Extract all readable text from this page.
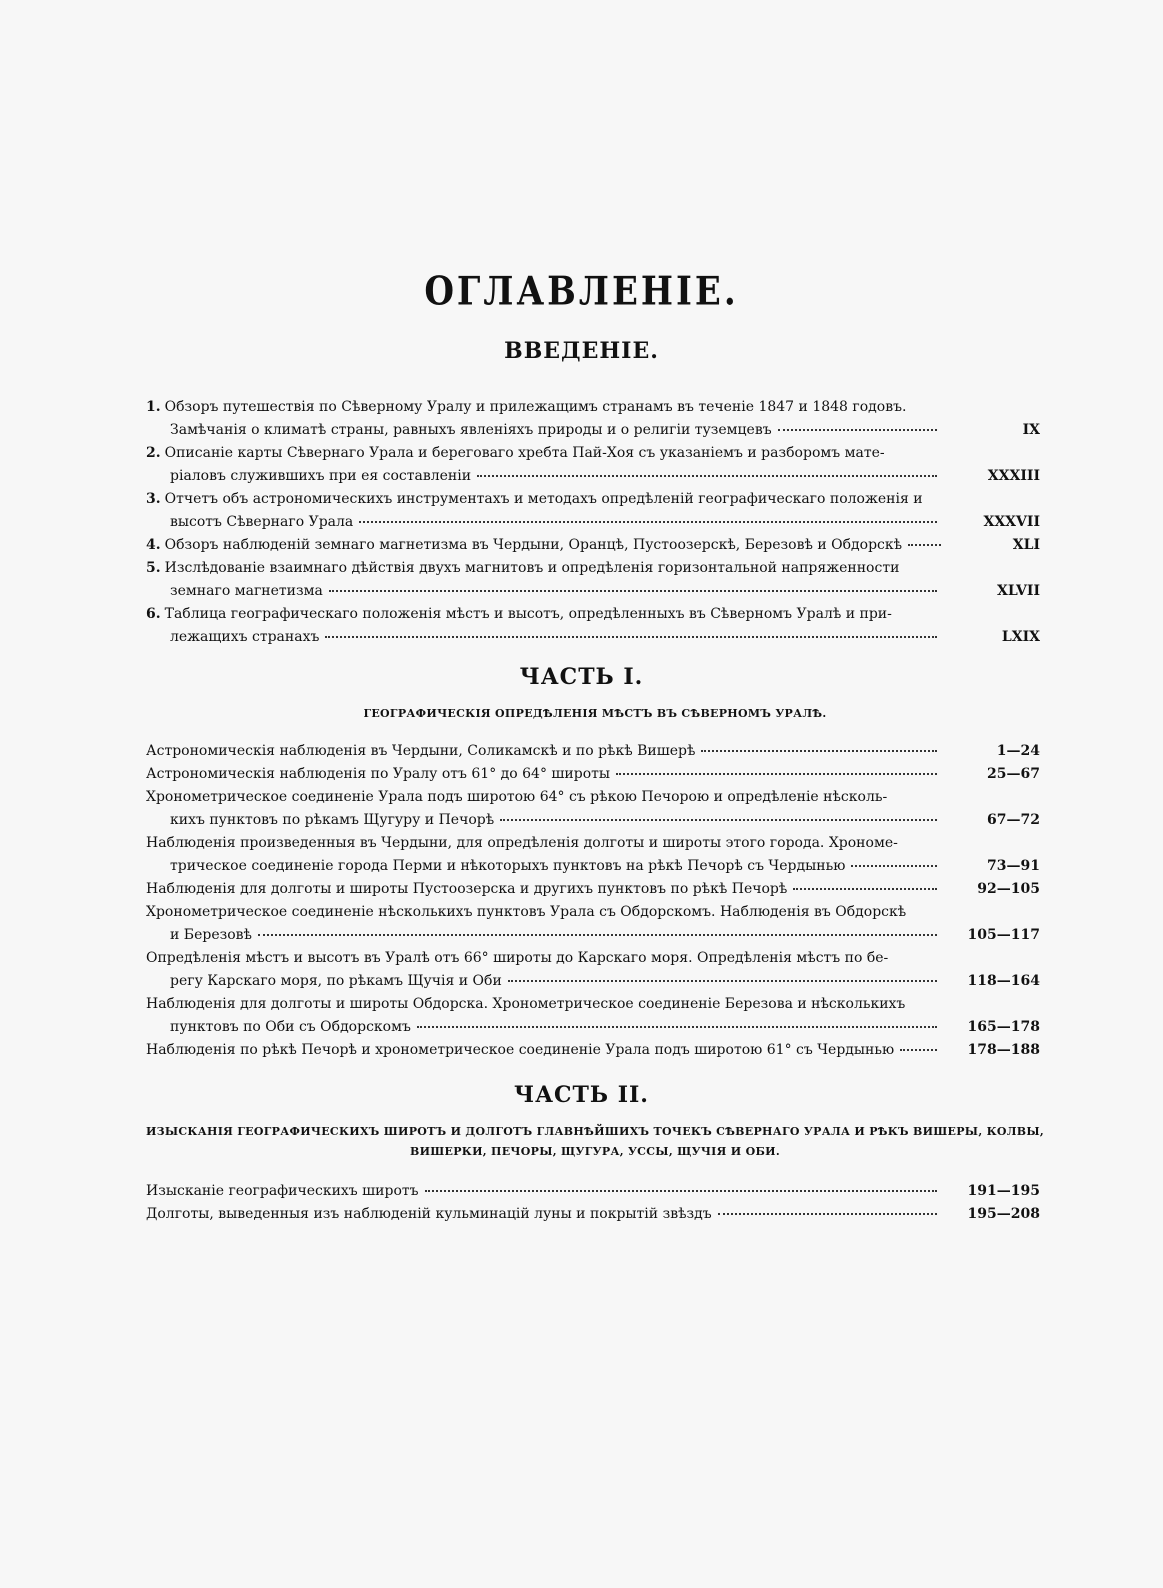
ОГЛАВЛЕНІЕ.
ВВЕДЕНІЕ.
1. Обзоръ путешествія по Сѣверному Уралу и прилежащимъ странамъ въ теченіе 1847 и 1848 годовъ.
Замѣчанія о климатѣ страны, равныхъ явленіяхъ природы и о религіи туземцевъ	IX
2. Описаніе карты Сѣвернаго Урала и береговаго хребта Пай-Хоя съ указаніемъ и разборомъ мате-
ріаловъ служившихъ при ея составленіи	XXXIII
3. Отчетъ объ астрономическихъ инструментахъ и методахъ опредѣленій географическаго положенія и
высотъ Сѣвернаго Урала	XXXVII
4. Обзоръ наблюденій земнаго магнетизма въ Чердыни, Оранцѣ, Пустоозерскѣ, Березовѣ и Обдорскѣ	XLI
5. Изслѣдованіе взаимнаго дѣйствія двухъ магнитовъ и опредѣленія горизонтальной напряженности
земнаго магнетизма	XLVII
6. Таблица географическаго положенія мѣстъ и высотъ, опредѣленныхъ въ Сѣверномъ Уралѣ и при-
лежащихъ странахъ	LXIX
ЧАСТЬ I.
ГЕОГРАФИЧЕСКІЯ ОПРЕДѢЛЕНІЯ МѢСТЪ ВЪ СѢВЕРНОМЪ УРАЛѢ.
Астрономическія наблюденія въ Чердыни, Соликамскѣ и по рѣкѣ Вишерѣ	1—24
Астрономическія наблюденія по Уралу отъ 61° до 64° широты	25—67
Хронометрическое соединеніе Урала подъ широтою 64° съ рѣкою Печорою и опредѣленіе нѣсколь-
кихъ пунктовъ по рѣкамъ Щугуру и Печорѣ	67—72
Наблюденія произведенныя въ Чердыни, для опредѣленія долготы и широты этого города. Хрономе-
трическое соединеніе города Перми и нѣкоторыхъ пунктовъ на рѣкѣ Печорѣ съ Чердынью	73—91
Наблюденія для долготы и широты Пустоозерска и другихъ пунктовъ по рѣкѣ Печорѣ	92—105
Хронометрическое соединеніе нѣсколькихъ пунктовъ Урала съ Обдорскомъ. Наблюденія въ Обдорскѣ
и Березовѣ	105—117
Опредѣленія мѣстъ и высотъ въ Уралѣ отъ 66° широты до Карскаго моря. Опредѣленія мѣстъ по бе-
регу Карскаго моря, по рѣкамъ Щучія и Оби	118—164
Наблюденія для долготы и широты Обдорска. Хронометрическое соединеніе Березова и нѣсколькихъ
пунктовъ по Оби съ Обдорскомъ	165—178
Наблюденія по рѣкѣ Печорѣ и хронометрическое соединеніе Урала подъ широтою 61° съ Чердынью	178—188
ЧАСТЬ II.
ИЗЫСКАНІЯ ГЕОГРАФИЧЕСКИХЪ ШИРОТЪ И ДОЛГОТЪ ГЛАВНѢЙШИХЪ ТОЧЕКЪ СѢВЕРНАГО УРАЛА И РѢКЪ ВИШЕРЫ, КОЛВЫ, ВИШЕРКИ, ПЕЧОРЫ, ЩУГУРА, УССЫ, ЩУЧІЯ И ОБИ.
Изысканіе географическихъ широтъ	191—195
Долготы, выведенныя изъ наблюденій кульминацій луны и покрытій звѣздъ	195—208
